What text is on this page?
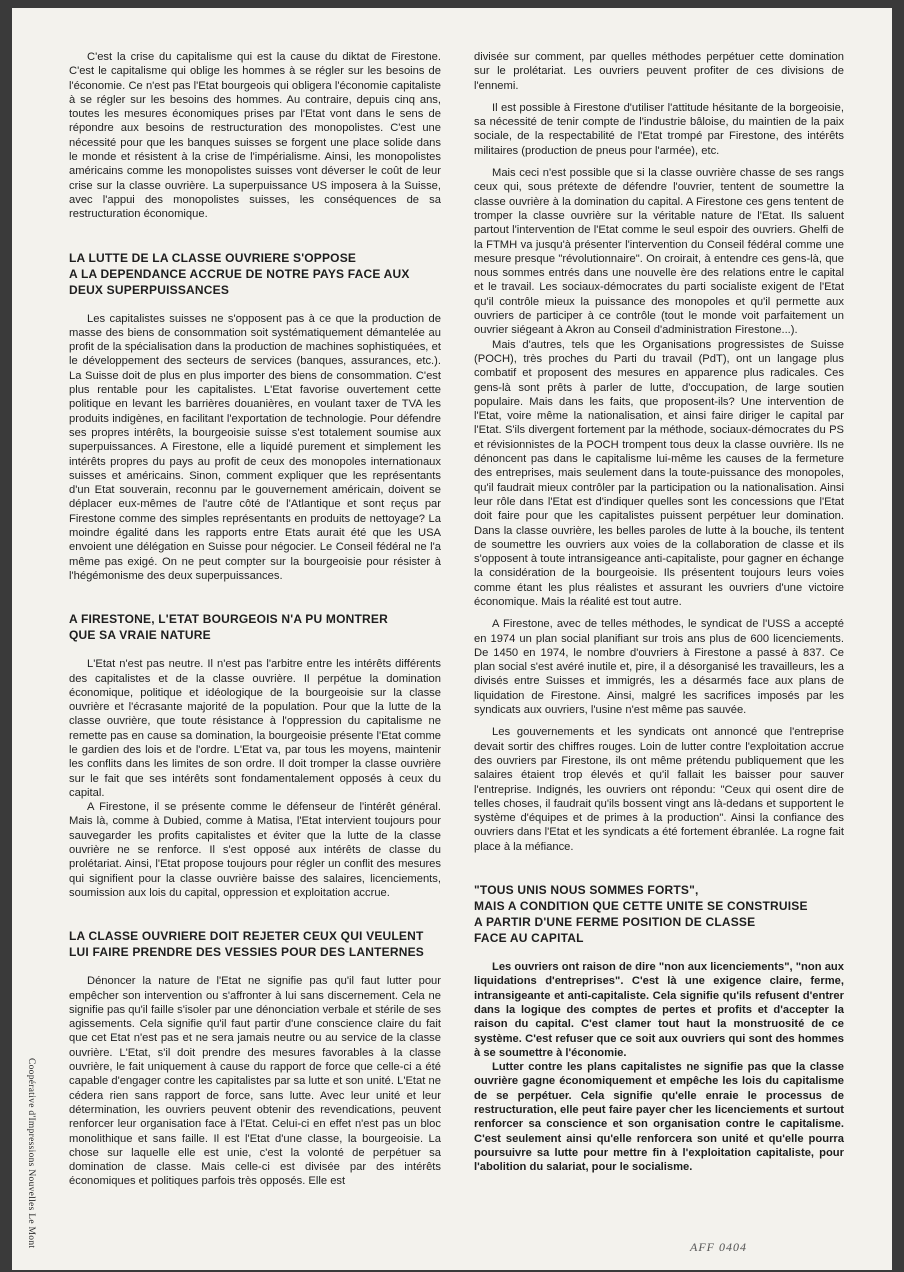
C'est la crise du capitalisme qui est la cause du diktat de Firestone. C'est le capitalisme qui oblige les hommes à se régler sur les besoins de l'économie. Ce n'est pas l'Etat bourgeois qui obligera l'économie capitaliste à se régler sur les besoins des hommes. Au contraire, depuis cinq ans, toutes les mesures économiques prises par l'Etat vont dans le sens de répondre aux besoins de restructuration des monopolistes. C'est une nécessité pour que les banques suisses se forgent une place solide dans le monde et résistent à la crise de l'impérialisme. Ainsi, les monopolistes américains comme les monopolistes suisses vont déverser le coût de leur crise sur la classe ouvrière. La superpuissance US imposera à la Suisse, avec l'appui des monopolistes suisses, les conséquences de sa restructuration économique.

LA LUTTE DE LA CLASSE OUVRIERE S'OPPOSE
A LA DEPENDANCE ACCRUE DE NOTRE PAYS FACE AUX
DEUX SUPERPUISSANCES

Les capitalistes suisses ne s'opposent pas à ce que la production de masse des biens de consommation soit systématiquement démantelée au profit de la spécialisation dans la production de machines sophistiquées, et le développement des secteurs de services (banques, assurances, etc.). La Suisse doit de plus en plus importer des biens de consommation. C'est plus rentable pour les capitalistes. L'Etat favorise ouvertement cette politique en levant les barrières douanières, en voulant taxer de TVA les produits indigènes, en facilitant l'exportation de technologie. Pour défendre ses propres intérêts, la bourgeoisie suisse s'est totalement soumise aux superpuissances. A Firestone, elle a liquidé purement et simplement les intérêts propres du pays au profit de ceux des monopoles internationaux suisses et américains. Sinon, comment expliquer que les représentants d'un Etat souverain, reconnu par le gouvernement américain, doivent se déplacer eux-mêmes de l'autre côté de l'Atlantique et sont reçus par Firestone comme des simples représentants en produits de nettoyage? La moindre égalité dans les rapports entre Etats aurait été que les USA envoient une délégation en Suisse pour négocier. Le Conseil fédéral ne l'a même pas exigé. On ne peut compter sur la bourgeoisie pour résister à l'hégémonisme des deux superpuissances.

A FIRESTONE, L'ETAT BOURGEOIS N'A PU MONTRER
QUE SA VRAIE NATURE

L'Etat n'est pas neutre. Il n'est pas l'arbitre entre les intérêts différents des capitalistes et de la classe ouvrière. Il perpétue la domination économique, politique et idéologique de la bourgeoisie sur la classe ouvrière et l'écrasante majorité de la population. Pour que la lutte de la classe ouvrière, que toute résistance à l'oppression du capitalisme ne remette pas en cause sa domination, la bourgeoisie présente l'Etat comme le gardien des lois et de l'ordre. L'Etat va, par tous les moyens, maintenir les conflits dans les limites de son ordre. Il doit tromper la classe ouvrière sur le fait que ses intérêts sont fondamentalement opposés à ceux du capital.

A Firestone, il se présente comme le défenseur de l'intérêt général. Mais là, comme à Dubied, comme à Matisa, l'Etat intervient toujours pour sauvegarder les profits capitalistes et éviter que la lutte de la classe ouvrière ne se renforce. Il s'est opposé aux intérêts de classe du prolétariat. Ainsi, l'Etat propose toujours pour régler un conflit des mesures qui signifient pour la classe ouvrière baisse des salaires, licenciements, soumission aux lois du capital, oppression et exploitation accrue.

LA CLASSE OUVRIERE DOIT REJETER CEUX QUI VEULENT
LUI FAIRE PRENDRE DES VESSIES POUR DES LANTERNES

Dénoncer la nature de l'Etat ne signifie pas qu'il faut lutter pour empêcher son intervention ou s'affronter à lui sans discernement. Cela ne signifie pas qu'il faille s'isoler par une dénonciation verbale et stérile de ses agissements. Cela signifie qu'il faut partir d'une conscience claire du fait que cet Etat n'est pas et ne sera jamais neutre ou au service de la classe ouvrière. L'Etat, s'il doit prendre des mesures favorables à la classe ouvrière, le fait uniquement à cause du rapport de force que celle-ci a été capable d'engager contre les capitalistes par sa lutte et son unité. L'Etat ne cédera rien sans rapport de force, sans lutte. Avec leur unité et leur détermination, les ouvriers peuvent obtenir des revendications, peuvent renforcer leur organisation face à l'Etat. Celui-ci en effet n'est pas un bloc monolithique et sans faille. Il est l'Etat d'une classe, la bourgeoisie. La chose sur laquelle elle est unie, c'est la volonté de perpétuer sa domination de classe. Mais celle-ci est divisée par des intérêts économiques et politiques parfois très opposés. Elle est

divisée sur comment, par quelles méthodes perpétuer cette domination sur le prolétariat. Les ouvriers peuvent profiter de ces divisions de l'ennemi.

Il est possible à Firestone d'utiliser l'attitude hésitante de la borgeoisie, sa nécessité de tenir compte de l'industrie bâloise, du maintien de la paix sociale, de la respectabilité de l'Etat trompé par Firestone, des intérêts militaires (production de pneus pour l'armée), etc.

Mais ceci n'est possible que si la classe ouvrière chasse de ses rangs ceux qui, sous prétexte de défendre l'ouvrier, tentent de soumettre la classe ouvrière à la domination du capital. A Firestone ces gens tentent de tromper la classe ouvrière sur la véritable nature de l'Etat. Ils saluent partout l'intervention de l'Etat comme le seul espoir des ouvriers. Ghelfi de la FTMH va jusqu'à présenter l'intervention du Conseil fédéral comme une mesure presque "révolutionnaire". On croirait, à entendre ces gens-là, que nous sommes entrés dans une nouvelle ère des relations entre le capital et le travail. Les sociaux-démocrates du parti socialiste exigent de l'Etat qu'il contrôle mieux la puissance des monopoles et qu'il permette aux ouvriers de participer à ce contrôle (tout le monde voit parfaitement un ouvrier siégeant à Akron au Conseil d'administration Firestone...).

Mais d'autres, tels que les Organisations progressistes de Suisse (POCH), très proches du Parti du travail (PdT), ont un langage plus combatif et proposent des mesures en apparence plus radicales. Ces gens-là sont prêts à parler de lutte, d'occupation, de large soutien populaire. Mais dans les faits, que proposent-ils? Une intervention de l'Etat, voire même la nationalisation, et ainsi faire diriger le capital par l'Etat. S'ils divergent fortement par la méthode, sociaux-démocrates du PS et révisionnistes de la POCH trompent tous deux la classe ouvrière. Ils ne dénoncent pas dans le capitalisme lui-même les causes de la fermeture des entreprises, mais seulement dans la toute-puissance des monopoles, qu'il faudrait mieux contrôler par la participation ou la nationalisation. Ainsi leur rôle dans l'Etat est d'indiquer quelles sont les concessions que l'Etat doit faire pour que les capitalistes puissent perpétuer leur domination. Dans la classe ouvrière, les belles paroles de lutte à la bouche, ils tentent de soumettre les ouvriers aux voies de la collaboration de classe et ils s'opposent à toute intransigeance anti-capitaliste, pour gagner en échange la considération de la bourgeoisie. Ils présentent toujours leurs voies comme étant les plus réalistes et assurant les ouvriers d'une victoire économique. Mais la réalité est tout autre.

A Firestone, avec de telles méthodes, le syndicat de l'USS a accepté en 1974 un plan social planifiant sur trois ans plus de 600 licenciements. De 1450 en 1974, le nombre d'ouvriers à Firestone a passé à 837. Ce plan social s'est avéré inutile et, pire, il a désorganisé les travailleurs, les a divisés entre Suisses et immigrés, les a désarmés face aux plans de liquidation de Firestone. Ainsi, malgré les sacrifices imposés par les syndicats aux ouvriers, l'usine n'est même pas sauvée.

Les gouvernements et les syndicats ont annoncé que l'entreprise devait sortir des chiffres rouges. Loin de lutter contre l'exploitation accrue des ouvriers par Firestone, ils ont même prétendu publiquement que les salaires étaient trop élevés et qu'il fallait les baisser pour sauver l'entreprise. Indignés, les ouvriers ont répondu: "Ceux qui osent dire de telles choses, il faudrait qu'ils bossent vingt ans là-dedans et supportent le système d'équipes et de primes à la production". Ainsi la confiance des ouvriers dans l'Etat et les syndicats a été fortement ébranlée. La rogne fait place à la méfiance.

"TOUS UNIS NOUS SOMMES FORTS",
MAIS A CONDITION QUE CETTE UNITE SE CONSTRUISE
A PARTIR D'UNE FERME POSITION DE CLASSE
FACE AU CAPITAL

Les ouvriers ont raison de dire "non aux licenciements", "non aux liquidations d'entreprises". C'est là une exigence claire, ferme, intransigeante et anti-capitaliste. Cela signifie qu'ils refusent d'entrer dans la logique des comptes de pertes et profits et d'accepter la raison du capital. C'est clamer tout haut la monstruosité de ce système. C'est refuser que ce soit aux ouvriers qui sont des hommes à se soumettre à l'économie.

Lutter contre les plans capitalistes ne signifie pas que la classe ouvrière gagne économiquement et empêche les lois du capitalisme de se perpétuer. Cela signifie qu'elle enraie le processus de restructuration, elle peut faire payer cher les licenciements et surtout renforcer sa conscience et son organisation contre le capitalisme. C'est seulement ainsi qu'elle renforcera son unité et qu'elle pourra poursuivre sa lutte pour mettre fin à l'exploitation capitaliste, pour l'abolition du salariat, pour le socialisme.

Coopérative d'Impressions Nouvelles Le Mont	AFF 0404
